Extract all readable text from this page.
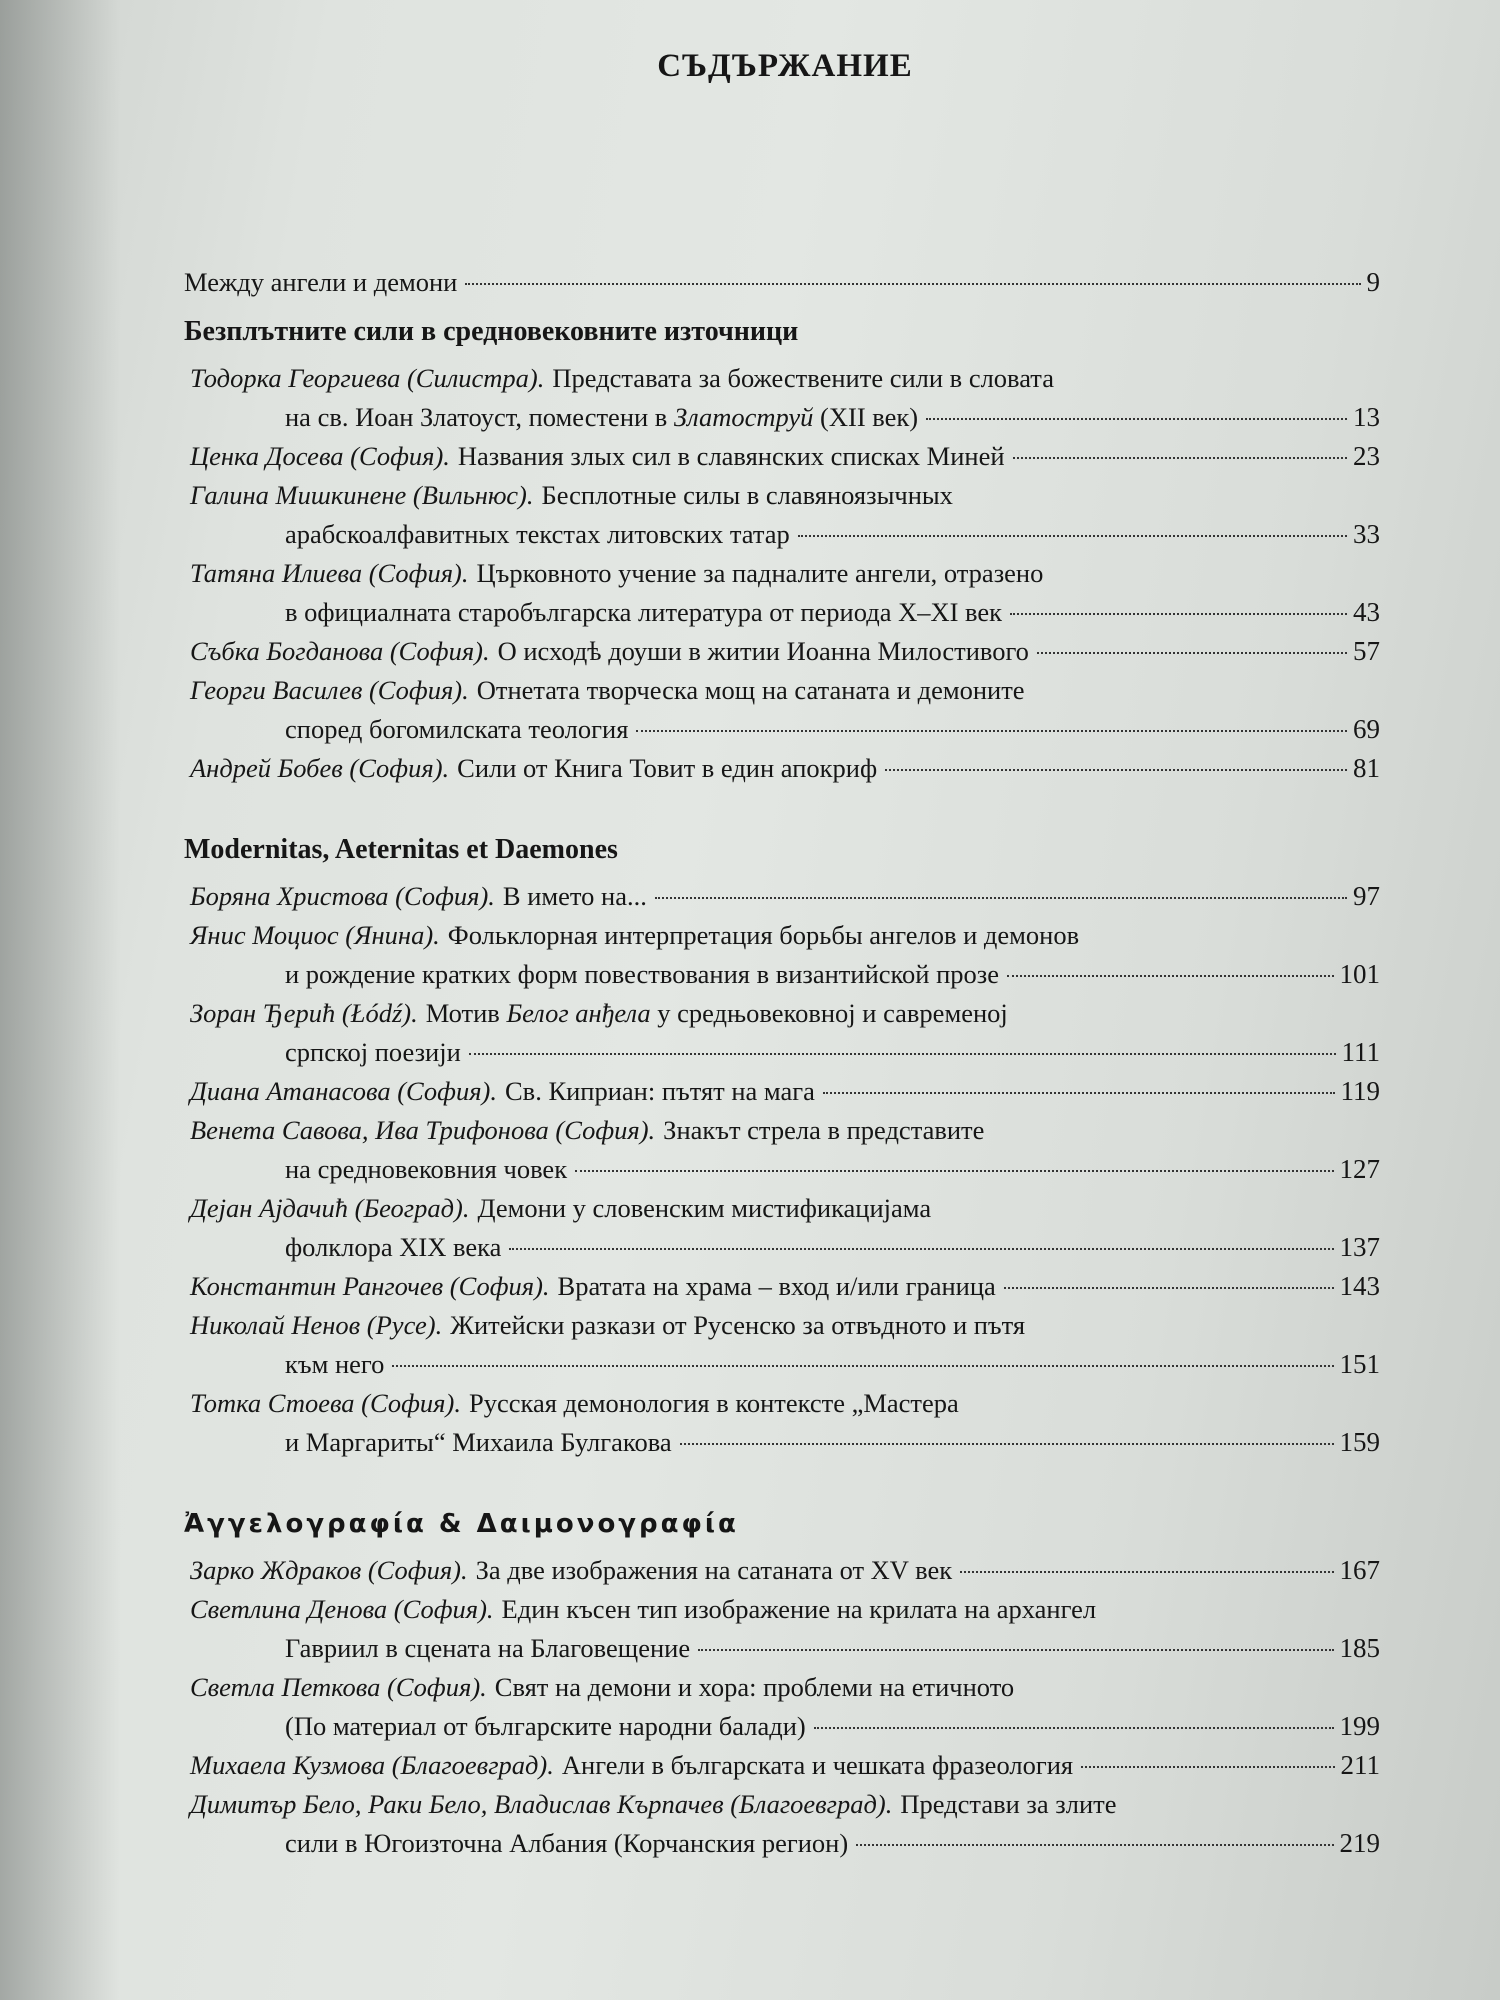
СЪДЪРЖАНИЕ
Между ангели и демони	9
Безплътните сили в средновековните източници
Тодорка Георгиева (Силистра). Представата за божествените сили в словата
на св. Иоан Златоуст, поместени в Златоструй (XII век)	13
Ценка Досева (София). Названия злых сил в славянских списках Миней	23
Галина Мишкинене (Вильнюс). Бесплотные силы в славяноязычных
арабскоалфавитных текстах литовских татар	33
Татяна Илиева (София). Църковното учение за падналите ангели, отразено
в официалната старобългарска литература от периода X–XI век	43
Събка Богданова (София). О исходѣ доуши в житии Иоанна Милостивого	57
Георги Василев (София). Отнетата творческа мощ на сатаната и демоните
според богомилската теология	69
Андрей Бобев (София). Сили от Книга Товит в един апокриф	81
Modernitas, Aeternitas et Daemones
Боряна Христова (София). В името на...	97
Янис Моциос (Янина). Фольклорная интерпретация борьбы ангелов и демонов
и рождение кратких форм повествования в византийской прозе	101
Зоран Ђерић (Łódź). Мотив Белог анђела у средњовековној и савременој
српској поезији	111
Диана Атанасова (София). Св. Киприан: пътят на мага	119
Венета Савова, Ива Трифонова (София). Знакът стрела в представите
на средновековния човек	127
Дејан Ајдачић (Београд). Демони у словенским мистификацијама
фолклора XIX века	137
Константин Рангочев (София). Вратата на храма – вход и/или граница	143
Николай Ненов (Русе). Житейски разкази от Русенско за отвъдното и пътя
към него	151
Тотка Стоева (София). Русская демонология в контексте „Мастера
и Маргариты“ Михаила Булгакова	159
Ἀγγελογραφία & Δαιμονογραφία
Зарко Ждраков (София). За две изображения на сатаната от XV век	167
Светлина Денова (София). Един късен тип изображение на крилата на архангел
Гавриил в сцената на Благовещение	185
Светла Петкова (София). Свят на демони и хора: проблеми на етичното
(По материал от българските народни балади)	199
Михаела Кузмова (Благоевград). Ангели в българската и чешката фразеология	211
Димитър Бело, Раки Бело, Владислав Кърпачев (Благоевград). Представи за злите
сили в Югоизточна Албания (Корчанския регион)	219
